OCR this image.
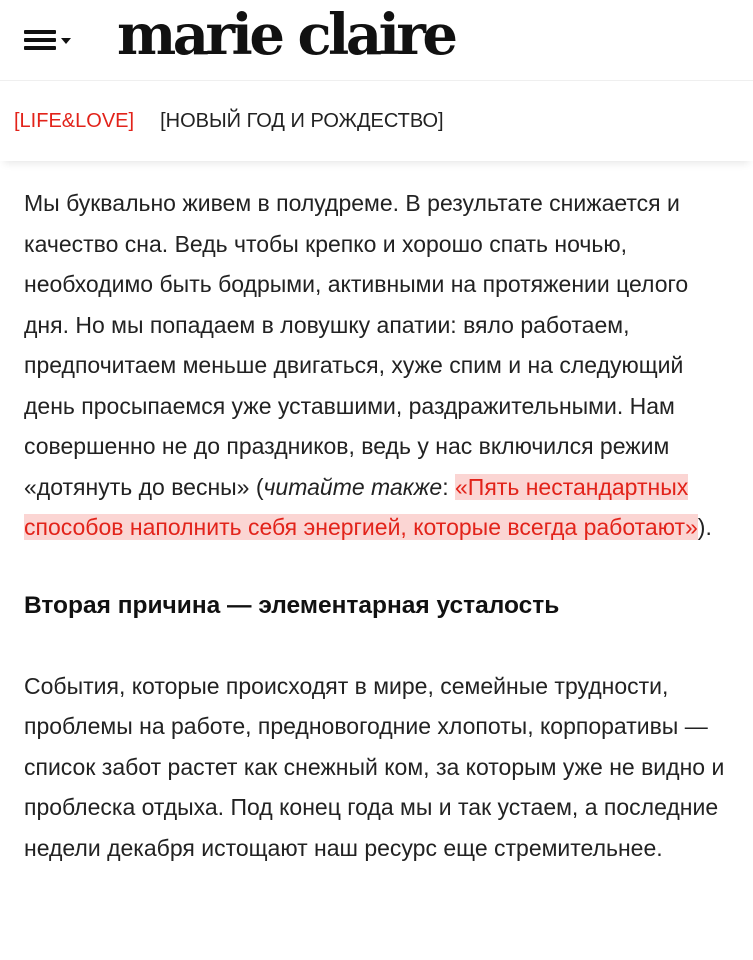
marie claire
[LIFE&LOVE] [НОВЫЙ ГОД И РОЖДЕСТВО]

Мы буквально живем в полудреме. В результате снижается и качество сна. Ведь чтобы крепко и хорошо спать ночью, необходимо быть бодрыми, активными на протяжении целого дня. Но мы попадаем в ловушку апатии: вяло работаем, предпочитаем меньше двигаться, хуже спим и на следующий день просыпаемся уже уставшими, раздражительными. Нам совершенно не до праздников, ведь у нас включился режим «дотянуть до весны» (читайте также: «Пять нестандартных способов наполнить себя энергией, которые всегда работают»).

Вторая причина — элементарная усталость

События, которые происходят в мире, семейные трудности, проблемы на работе, предновогодние хлопоты, корпоративы — список забот растет как снежный ком, за которым уже не видно и проблеска отдыха. Под конец года мы и так устаем, а последние недели декабря истощают наш ресурс еще стремительнее.
